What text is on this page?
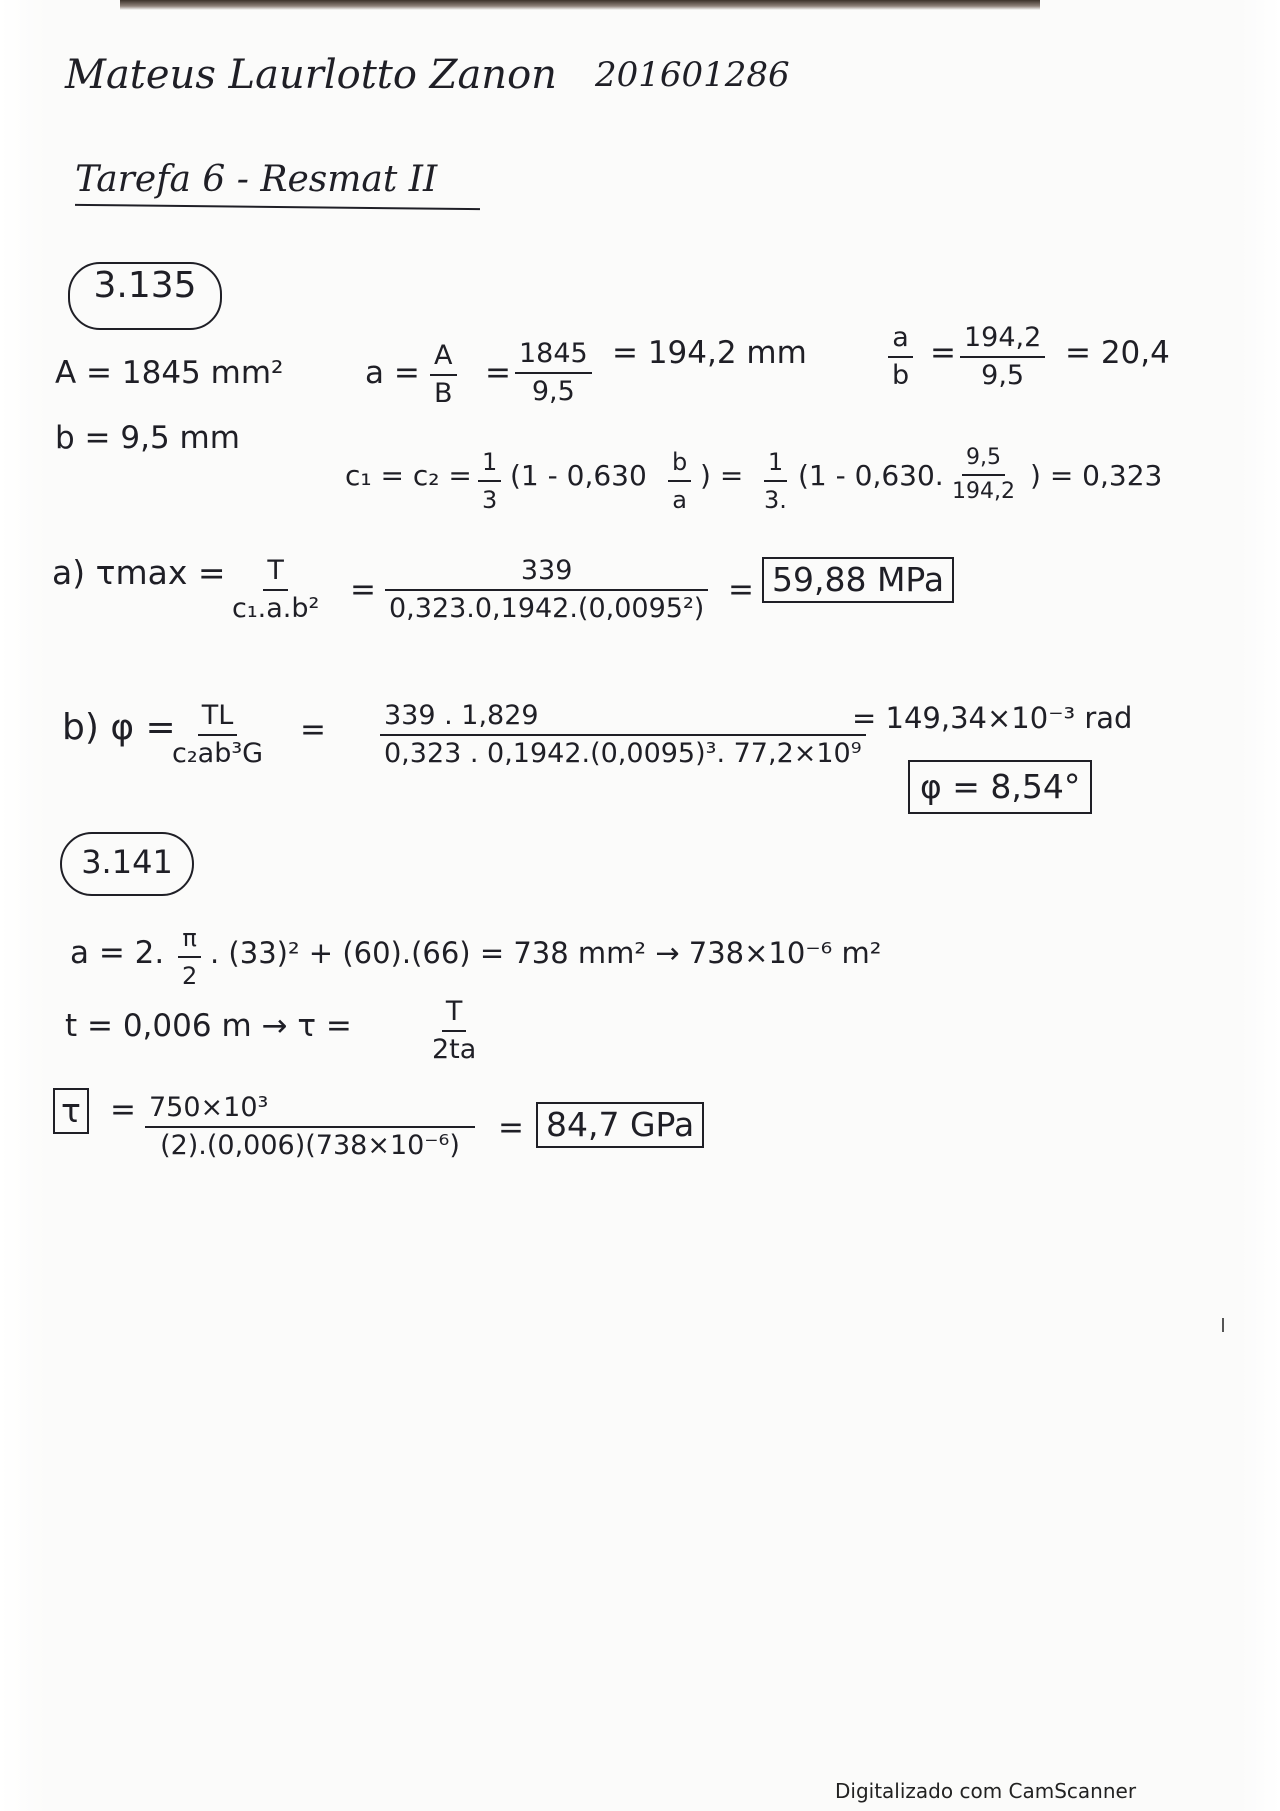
Mateus Laurlotto Zanon 201601286
Tarefa 6 - Resmat II
3.135
A = 1845 mm²
b = 9,5 mm
$a = \frac{A}{B} = \frac{1845}{9,5} = 194,2$ mm	$\frac{a}{b} = \frac{194,2}{9,5} = 20,4$
$c_1 = c_2 = \frac{1}{3} (1 - 0,630 \frac{b}{a}$ ) = $\frac{1}{3.} (1 - 0,630$. $\frac{9,5}{194,2}$ ) = 0,323
a) $\tau\max = \frac{T}{\text{c₁.a.b²}} = \frac{339}{\text{0,323.0,1942.(0,0095²)}} = 59,88$ MPa
b) φ =
$\frac{TL}{\text{c₂ab³G}} = \frac{339 . 1,829}{\text{0,323 . 0,1942.(0,0095)³. 77,2×10⁹}}$
= 149,34×10⁻³ rad
φ = 8,54°
3.141
a = 2. $\frac{\pi}{2}$ . (33)² + (60).(66) = 738 mm² → 738×10⁻⁶ m²
t = 0,006 m → τ =	$\frac{T}{2ta}$
$\tau = \frac{\text{750×10³}}{\text{(2).(0,006)(738×10⁻⁶)}} = 84,7$ GPa
Digitalizado com CamScanner
